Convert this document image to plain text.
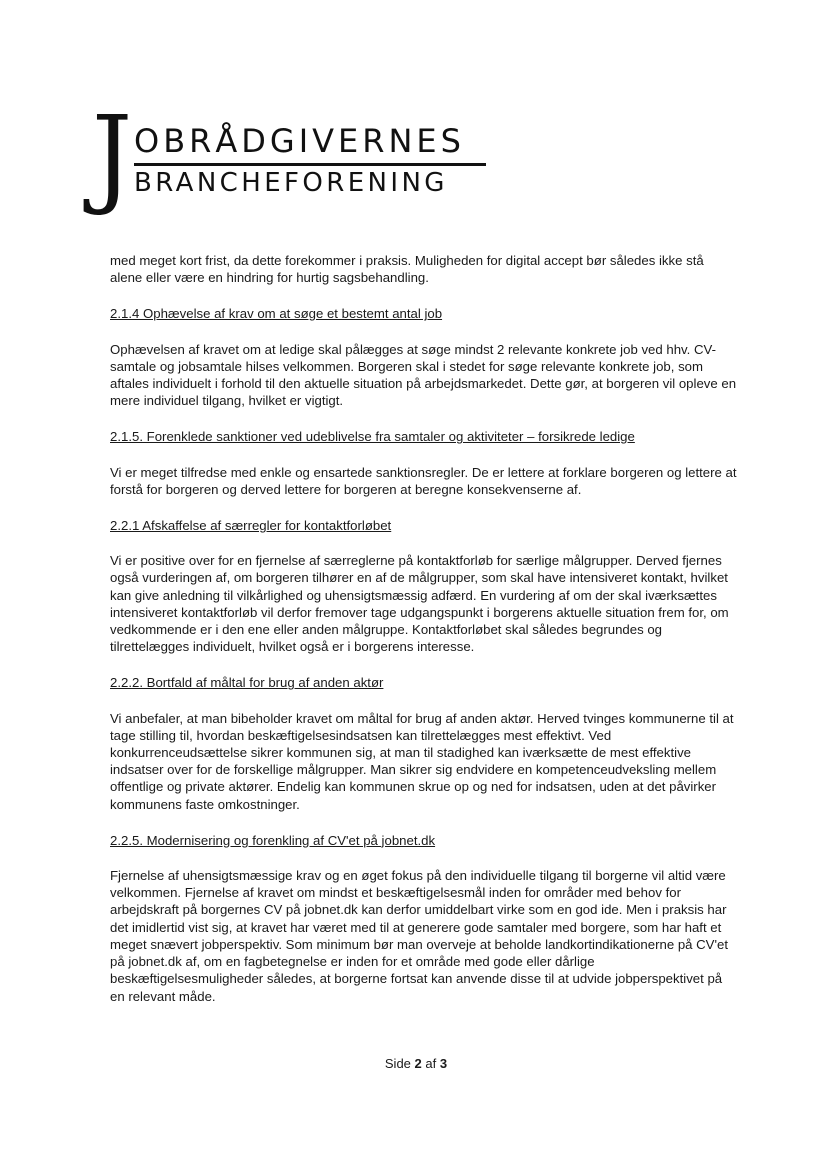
J OBRÅDGIVERNES
BRANCHEFORENING

med meget kort frist, da dette forekommer i praksis. Muligheden for digital accept bør således ikke stå alene eller være en hindring for hurtig sagsbehandling.

2.1.4 Ophævelse af krav om at søge et bestemt antal job

Ophævelsen af kravet om at ledige skal pålægges at søge mindst 2 relevante konkrete job ved hhv. CV-samtale og jobsamtale hilses velkommen. Borgeren skal i stedet for søge relevante konkrete job, som aftales individuelt i forhold til den aktuelle situation på arbejdsmarkedet. Dette gør, at borgeren vil opleve en mere individuel tilgang, hvilket er vigtigt.

2.1.5. Forenklede sanktioner ved udeblivelse fra samtaler og aktiviteter – forsikrede ledige

Vi er meget tilfredse med enkle og ensartede sanktionsregler. De er lettere at forklare borgeren og lettere at forstå for borgeren og derved lettere for borgeren at beregne konsekvenserne af.

2.2.1 Afskaffelse af særregler for kontaktforløbet

Vi er positive over for en fjernelse af særreglerne på kontaktforløb for særlige målgrupper. Derved fjernes også vurderingen af, om borgeren tilhører en af de målgrupper, som skal have intensiveret kontakt, hvilket kan give anledning til vilkårlighed og uhensigtsmæssig adfærd. En vurdering af om der skal iværksættes intensiveret kontaktforløb vil derfor fremover tage udgangspunkt i borgerens aktuelle situation frem for, om vedkommende er i den ene eller anden målgruppe. Kontaktforløbet skal således begrundes og tilrettelægges individuelt, hvilket også er i borgerens interesse.

2.2.2. Bortfald af måltal for brug af anden aktør

Vi anbefaler, at man bibeholder kravet om måltal for brug af anden aktør. Herved tvinges kommunerne til at tage stilling til, hvordan beskæftigelsesindsatsen kan tilrettelægges mest effektivt. Ved konkurrenceudsættelse sikrer kommunen sig, at man til stadighed kan iværksætte de mest effektive indsatser over for de forskellige målgrupper. Man sikrer sig endvidere en kompetenceudveksling mellem offentlige og private aktører. Endelig kan kommunen skrue op og ned for indsatsen, uden at det påvirker kommunens faste omkostninger.

2.2.5. Modernisering og forenkling af CV'et på jobnet.dk

Fjernelse af uhensigtsmæssige krav og en øget fokus på den individuelle tilgang til borgerne vil altid være velkommen. Fjernelse af kravet om mindst et beskæftigelsesmål inden for områder med behov for arbejdskraft på borgernes CV på jobnet.dk kan derfor umiddelbart virke som en god ide. Men i praksis har det imidlertid vist sig, at kravet har været med til at generere gode samtaler med borgere, som har haft et meget snævert jobperspektiv. Som minimum bør man overveje at beholde landkortindikationerne på CV'et på jobnet.dk af, om en fagbetegnelse er inden for et område med gode eller dårlige beskæftigelsesmuligheder således, at borgerne fortsat kan anvende disse til at udvide jobperspektivet på en relevant måde.

Side 2 af 3
